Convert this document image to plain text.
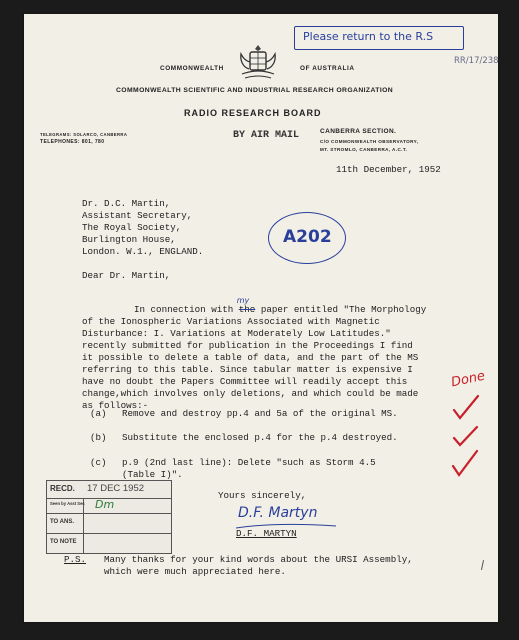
Please return to the R.S
RR/17/238
COMMONWEALTH	OF AUSTRALIA
COMMONWEALTH SCIENTIFIC AND INDUSTRIAL RESEARCH ORGANIZATION
RADIO RESEARCH BOARD
TELEGRAMS: SOLARCO, CANBERRA
TELEPHONES: 801, 780
BY AIR MAIL	CANBERRA SECTION.
C/O COMMONWEALTH OBSERVATORY,
MT. STROMLO, CANBERRA, A.C.T.
11th December, 1952
Dr. D.C. Martin,
Assistant Secretary,
The Royal Society,
Burlington House,
London. W.1., ENGLAND.
A202
Dear Dr. Martin,
In connection with the
my
paper entitled "The Morphology
of the Ionospheric Variations Associated with Magnetic
Disturbance: I. Variations at Moderately Low Latitudes."
recently submitted for publication in the Proceedings I find
it possible to delete a table of data, and the part of the MS
referring to this table. Since tabular matter is expensive I
have no doubt the Papers Committee will readily accept this
change,which involves only deletions, and which could be made
as follows:-
(a) Remove and destroy pp.4 and 5a of the original MS.
(b) Substitute the enclosed p.4 for the p.4 destroyed.
(c) p.9 (2nd last line): Delete "such as Storm 4.5
(Table I)".
Done
RECD. 17 DEC 1952
Seen by Asst Sec Dm
TO ANS.
TO NOTE
Yours sincerely,
D.F. Martyn
D.F. MARTYN
P.S. Many thanks for your kind words about the URSI Assembly,
which were much appreciated here.
